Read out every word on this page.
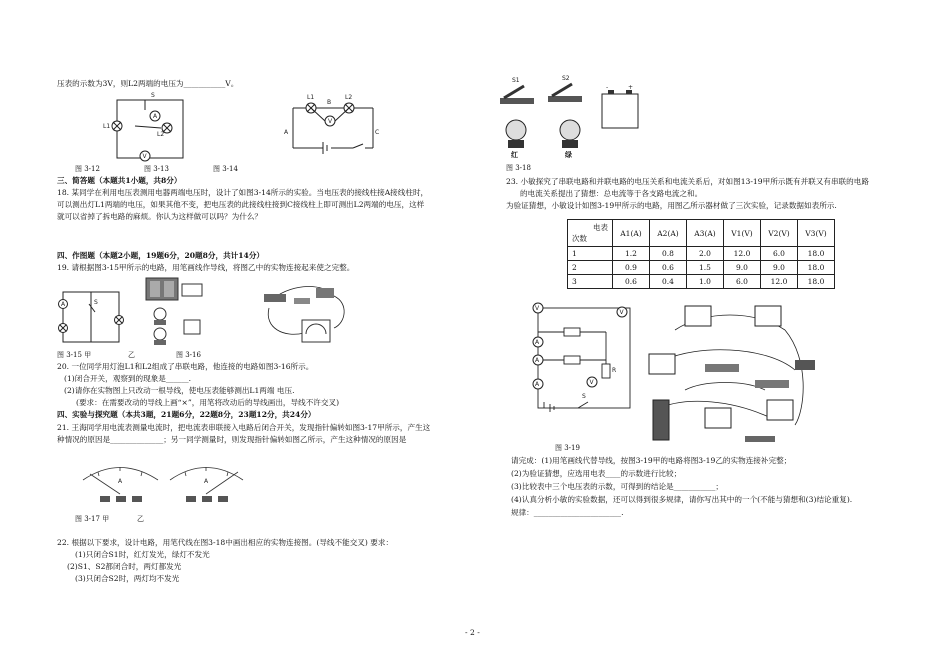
压表的示数为3V，则L2两端的电压为___________V。
A
V
S
L1
L2	A
B
C
V
L1	L2
图 3-12	图 3-13	图 3-14
三、简答题（本题共1小题，共8分）
18. 某同学在利用电压表测用电器两端电压时，设计了如图3-14所示的实验。当电压表的接线柱接A接线柱时，
可以测出灯L1两端的电压，如果其他不变，把电压表的此接线柱接到C接线柱上即可测出L2两端的电压，这样
就可以省掉了拆电路的麻烦。你认为这样做可以吗？为什么？
四、作图题（本题2小题，19题6分，20题8分，共计14分）
19. 请根据图3-15甲所示的电路，用笔画线作导线，将图乙中的实物连接起来使之完整。
A	S
图 3-15 甲	乙	图 3-16
20. 一位同学用灯泡L1和L2组成了串联电路，他连接的电路如图3-16所示。
(1)闭合开关，观察到的现象是______.
(2)请你在实物图上只改动一根导线，使电压表能够测出L1两端 电压.
(要求：在需要改动的导线上画“×”，用笔将改动后的导线画出，导线不许交叉)
四、实验与探究题（本共3题，21题6分，22题8分，23题12分，共24分）
21. 王海同学用电流表测量电流时，把电流表串联接入电路后闭合开关，发现指针偏转如图3-17甲所示，产生这
种情况的原因是______________；另一同学测量时，则发现指针偏转如图乙所示，产生这种情况的原因是
A	A
图 3-17 甲	乙
22. 根据以下要求，设计电路，用笔代线在图3-18中画出相应的实物连接图。(导线不能交叉) 要求：
(1)只闭合S1时，红灯发光，绿灯不发光
(2)S1、S2都闭合时，两灯都发光
(3)只闭合S2时，两灯均不发光
S1	S2
-	+
红	绿
图 3-18
23. 小敏探究了串联电路和并联电路的电压关系和电流关系后，对如图13-19甲所示既有并联又有串联的电路
的电流关系提出了猜想：总电流等于各支路电流之和。
为验证猜想，小敏设计如图3-19甲所示的电路，用图乙所示器材做了三次实验，记录数据如表所示.
电表
次数	A1(A)	A2(A)	A3(A)	V1(V)	V2(V)	V3(V)
1	1.2	0.8	2.0	12.0	6.0	18.0
2	0.9	0.6	1.5	9.0	9.0	18.0
3	0.6	0.4	1.0	6.0	12.0	18.0
V
V
A
A
A	V
S
R
图 3-19
请完成：(1)用笔画线代替导线，按图3-19甲的电路将图3-19乙的实物连接补完整；
(2)为验证猜想，应选用电表____的示数进行比较；
(3)比较表中三个电压表的示数，可得到的结论是___________；
(4)认真分析小敏的实验数据，还可以得到很多规律，请你写出其中的一个(不能与猜想和(3)结论重复).
规律：_______________________.
- 2 -
